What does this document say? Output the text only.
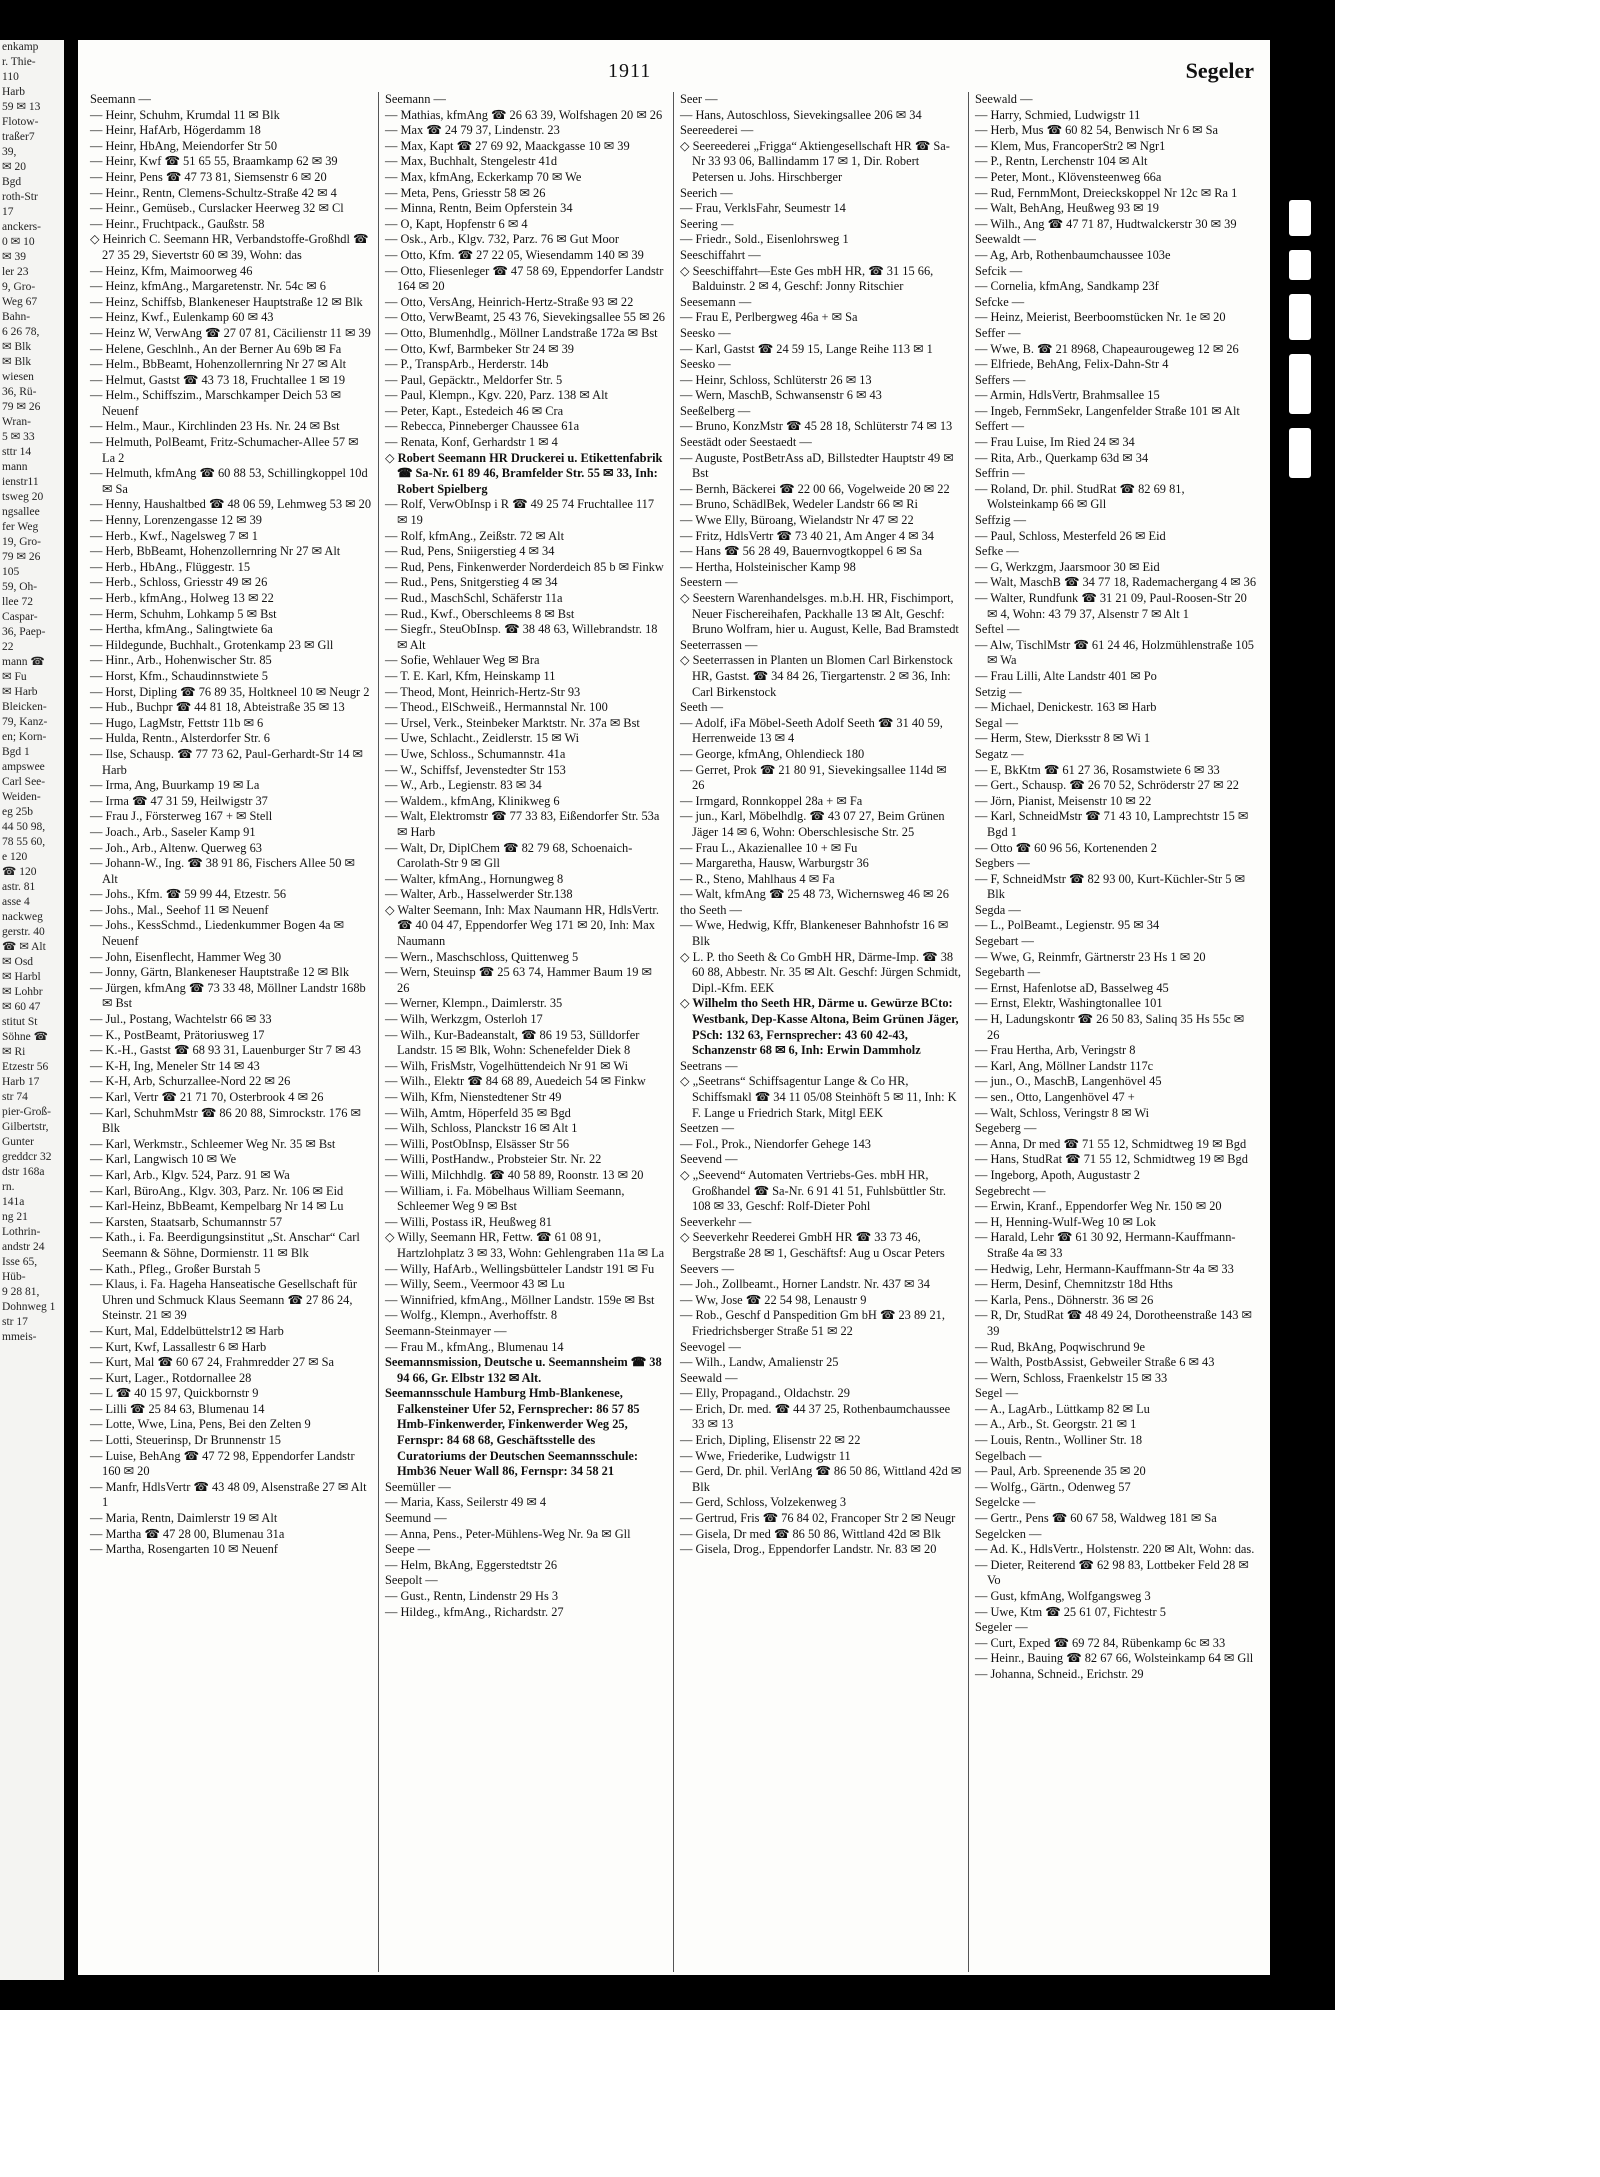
enkamp
r. Thie-
110
Harb
59 ✉ 13
Flotow-
traßer7
39,
✉ 20
Bgd
roth-Str
17
anckers-
0 ✉ 10
✉ 39
ler 23
9, Gro-
Weg 67
Bahn-
6 26 78,
✉ Blk
✉ Blk
wiesen
36, Rü-
79 ✉ 26
Wran-
5 ✉ 33
sttr 14
mann
ienstr11
tsweg 20
ngsallee
fer Weg
19, Gro-
79 ✉ 26
105
59, Oh-
llee 72
Caspar-
36, Paep-
22
mann ☎
✉ Fu
✉ Harb
Bleicken-
79, Kanz-
en; Korn-
Bgd 1
ampswee
Carl See-
Weiden-
eg 25b
44 50 98,
78 55 60,
e 120
☎ 120
astr. 81
asse 4
nackweg
gerstr. 40
☎ ✉ Alt
✉ Osd
✉ Harbl
✉ Lohbr
✉ 60 47
stitut St
Söhne ☎
✉ Ri
Etzestr 56
Harb 17
str 74
pier-Groß-
Gilbertstr,
Gunter
greddcr 32
dstr 168a
rn.
141a
ng 21
Lothrin-
andstr 24
Isse 65,
Hüb-
9 28 81,
Dohnweg 1
str 17
mmeis-
1911	Segeler
Seemann —
— Heinr, Schuhm, Krumdal 11 ✉ Blk
— Heinr, HafArb, Högerdamm 18
— Heinr, HbAng, Meiendorfer Str 50
— Heinr, Kwf ☎ 51 65 55, Braamkamp 62 ✉ 39
— Heinr, Pens ☎ 47 73 81, Siemsenstr 6 ✉ 20
— Heinr., Rentn, Clemens-Schultz-Straße 42 ✉ 4
— Heinr., Gemüseb., Curslacker Heerweg 32 ✉ Cl
— Heinr., Fruchtpack., Gaußstr. 58
◇ Heinrich C. Seemann HR, Verbandstoffe-Großhdl ☎ 27 35 29, Sievertstr 60 ✉ 39, Wohn: das
— Heinz, Kfm, Maimoorweg 46
— Heinz, kfmAng., Margaretenstr. Nr. 54c ✉ 6
— Heinz, Schiffsb, Blankeneser Hauptstraße 12 ✉ Blk
— Heinz, Kwf., Eulenkamp 60 ✉ 43
— Heinz W, VerwAng ☎ 27 07 81, Cäcilienstr 11 ✉ 39
— Helene, Geschlnh., An der Berner Au 69b ✉ Fa
— Helm., BbBeamt, Hohenzollernring Nr 27 ✉ Alt
— Helmut, Gastst ☎ 43 73 18, Fruchtallee 1 ✉ 19
— Helm., Schiffszim., Marschkamper Deich 53 ✉ Neuenf
— Helm., Maur., Kirchlinden 23 Hs. Nr. 24 ✉ Bst
— Helmuth, PolBeamt, Fritz-Schumacher-Allee 57 ✉ La 2
— Helmuth, kfmAng ☎ 60 88 53, Schillingkoppel 10d ✉ Sa
— Henny, Haushaltbed ☎ 48 06 59, Lehmweg 53 ✉ 20
— Henny, Lorenzengasse 12 ✉ 39
— Herb., Kwf., Nagelsweg 7 ✉ 1
— Herb, BbBeamt, Hohenzollernring Nr 27 ✉ Alt
— Herb., HbAng., Flüggestr. 15
— Herb., Schloss, Griesstr 49 ✉ 26
— Herb., kfmAng., Holweg 13 ✉ 22
— Herm, Schuhm, Lohkamp 5 ✉ Bst
— Hertha, kfmAng., Salingtwiete 6a
— Hildegunde, Buchhalt., Grotenkamp 23 ✉ Gll
— Hinr., Arb., Hohenwischer Str. 85
— Horst, Kfm., Schaudinnstwiete 5
— Horst, Dipling ☎ 76 89 35, Holtkneel 10 ✉ Neugr 2
— Hub., Buchpr ☎ 44 81 18, Abteistraße 35 ✉ 13
— Hugo, LagMstr, Fettstr 11b ✉ 6
— Hulda, Rentn., Alsterdorfer Str. 6
— Ilse, Schausp. ☎ 77 73 62, Paul-Gerhardt-Str 14 ✉ Harb
— Irma, Ang, Buurkamp 19 ✉ La
— Irma ☎ 47 31 59, Heilwigstr 37
— Frau J., Försterweg 167 + ✉ Stell
— Joach., Arb., Saseler Kamp 91
— Joh., Arb., Altenw. Querweg 63
— Johann-W., Ing. ☎ 38 91 86, Fischers Allee 50 ✉ Alt
— Johs., Kfm. ☎ 59 99 44, Etzestr. 56
— Johs., Mal., Seehof 11 ✉ Neuenf
— Johs., KessSchmd., Liedenkummer Bogen 4a ✉ Neuenf
— John, Eisenflecht, Hammer Weg 30
— Jonny, Gärtn, Blankeneser Hauptstraße 12 ✉ Blk
— Jürgen, kfmAng ☎ 73 33 48, Möllner Landstr 168b ✉ Bst
— Jul., Postang, Wachtelstr 66 ✉ 33
— K., PostBeamt, Prätoriusweg 17
— K.-H., Gastst ☎ 68 93 31, Lauenburger Str 7 ✉ 43
— K-H, Ing, Meneler Str 14 ✉ 43
— K-H, Arb, Schurzallee-Nord 22 ✉ 26
— Karl, Vertr ☎ 21 71 70, Osterbrook 4 ✉ 26
— Karl, SchuhmMstr ☎ 86 20 88, Simrockstr. 176 ✉ Blk
— Karl, Werkmstr., Schleemer Weg Nr. 35 ✉ Bst
— Karl, Langwisch 10 ✉ We
— Karl, Arb., Klgv. 524, Parz. 91 ✉ Wa
— Karl, BüroAng., Klgv. 303, Parz. Nr. 106 ✉ Eid
— Karl-Heinz, BbBeamt, Kempelbarg Nr 14 ✉ Lu
— Karsten, Staatsarb, Schumannstr 57
— Kath., i. Fa. Beerdigungsinstitut „St. Anschar“ Carl Seemann & Söhne, Dormienstr. 11 ✉ Blk
— Kath., Pfleg., Großer Burstah 5
— Klaus, i. Fa. Hageha Hanseatische Gesellschaft für Uhren und Schmuck Klaus Seemann ☎ 27 86 24, Steinstr. 21 ✉ 39
— Kurt, Mal, Eddelbüttelstr12 ✉ Harb
— Kurt, Kwf, Lassallestr 6 ✉ Harb
— Kurt, Mal ☎ 60 67 24, Frahmredder 27 ✉ Sa
— Kurt, Lager., Rotdornallee 28
— L ☎ 40 15 97, Quickbornstr 9
— Lilli ☎ 25 84 63, Blumenau 14
— Lotte, Wwe, Lina, Pens, Bei den Zelten 9
— Lotti, Steuerinsp, Dr Brunnenstr 15
— Luise, BehAng ☎ 47 72 98, Eppendorfer Landstr 160 ✉ 20
— Manfr, HdlsVertr ☎ 43 48 09, Alsenstraße 27 ✉ Alt 1
— Maria, Rentn, Daimlerstr 19 ✉ Alt
— Martha ☎ 47 28 00, Blumenau 31a
— Martha, Rosengarten 10 ✉ Neuenf
Seemann —
— Mathias, kfmAng ☎ 26 63 39, Wolfshagen 20 ✉ 26
— Max ☎ 24 79 37, Lindenstr. 23
— Max, Kapt ☎ 27 69 92, Maackgasse 10 ✉ 39
— Max, Buchhalt, Stengelestr 41d
— Max, kfmAng, Eckerkamp 70 ✉ We
— Meta, Pens, Griesstr 58 ✉ 26
— Minna, Rentn, Beim Opferstein 34
— O, Kapt, Hopfenstr 6 ✉ 4
— Osk., Arb., Klgv. 732, Parz. 76 ✉ Gut Moor
— Otto, Kfm. ☎ 27 22 05, Wiesendamm 140 ✉ 39
— Otto, Fliesenleger ☎ 47 58 69, Eppendorfer Landstr 164 ✉ 20
— Otto, VersAng, Heinrich-Hertz-Straße 93 ✉ 22
— Otto, VerwBeamt, 25 43 76, Sievekingsallee 55 ✉ 26
— Otto, Blumenhdlg., Möllner Landstraße 172a ✉ Bst
— Otto, Kwf, Barmbeker Str 24 ✉ 39
— P., TranspArb., Herderstr. 14b
— Paul, Gepäcktr., Meldorfer Str. 5
— Paul, Klempn., Kgv. 220, Parz. 138 ✉ Alt
— Peter, Kapt., Estedeich 46 ✉ Cra
— Rebecca, Pinneberger Chaussee 61a
— Renata, Konf, Gerhardstr 1 ✉ 4
◇ Robert Seemann HR Druckerei u. Etikettenfabrik ☎ Sa-Nr. 61 89 46, Bramfelder Str. 55 ✉ 33, Inh: Robert Spielberg
— Rolf, VerwObInsp i R ☎ 49 25 74 Fruchtallee 117 ✉ 19
— Rolf, kfmAng., Zeißstr. 72 ✉ Alt
— Rud, Pens, Sniigerstieg 4 ✉ 34
— Rud, Pens, Finkenwerder Norderdeich 85 b ✉ Finkw
— Rud., Pens, Snitgerstieg 4 ✉ 34
— Rud., MaschSchl, Schäferstr 11a
— Rud., Kwf., Oberschleems 8 ✉ Bst
— Siegfr., SteuObInsp. ☎ 38 48 63, Willebrandstr. 18 ✉ Alt
— Sofie, Wehlauer Weg ✉ Bra
— T. E. Karl, Kfm, Heinskamp 11
— Theod, Mont, Heinrich-Hertz-Str 93
— Theod., ElSchweiß., Hermannstal Nr. 100
— Ursel, Verk., Steinbeker Marktstr. Nr. 37a ✉ Bst
— Uwe, Schlacht., Zeidlerstr. 15 ✉ Wi
— Uwe, Schloss., Schumannstr. 41a
— W., Schiffsf, Jevenstedter Str 153
— W., Arb., Legienstr. 83 ✉ 34
— Waldem., kfmAng, Klinikweg 6
— Walt, Elektromstr ☎ 77 33 83, Eißendorfer Str. 53a ✉ Harb
— Walt, Dr, DiplChem ☎ 82 79 68, Schoenaich-Carolath-Str 9 ✉ Gll
— Walter, kfmAng., Hornungweg 8
— Walter, Arb., Hasselwerder Str.138
◇ Walter Seemann, Inh: Max Naumann HR, HdlsVertr. ☎ 40 04 47, Eppendorfer Weg 171 ✉ 20, Inh: Max Naumann
— Wern., Maschschloss, Quittenweg 5
— Wern, Steuinsp ☎ 25 63 74, Hammer Baum 19 ✉ 26
— Werner, Klempn., Daimlerstr. 35
— Wilh, Werkzgm, Osterloh 17
— Wilh., Kur-Badeanstalt, ☎ 86 19 53, Sülldorfer Landstr. 15 ✉ Blk, Wohn: Schenefelder Diek 8
— Wilh, FrisMstr, Vogelhüttendeich Nr 91 ✉ Wi
— Wilh., Elektr ☎ 84 68 89, Auedeich 54 ✉ Finkw
— Wilh, Kfm, Nienstedtener Str 49
— Wilh, Amtm, Höperfeld 35 ✉ Bgd
— Wilh, Schloss, Planckstr 16 ✉ Alt 1
— Willi, PostObInsp, Elsässer Str 56
— Willi, PostHandw., Probsteier Str. Nr. 22
— Willi, Milchhdlg. ☎ 40 58 89, Roonstr. 13 ✉ 20
— William, i. Fa. Möbelhaus William Seemann, Schleemer Weg 9 ✉ Bst
— Willi, Postass iR, Heußweg 81
◇ Willy, Seemann HR, Fettw. ☎ 61 08 91, Hartzlohplatz 3 ✉ 33, Wohn: Gehlengraben 11a ✉ La
— Willy, HafArb., Wellingsbütteler Landstr 191 ✉ Fu
— Willy, Seem., Veermoor 43 ✉ Lu
— Winnifried, kfmAng., Möllner Landstr. 159e ✉ Bst
— Wolfg., Klempn., Averhoffstr. 8
Seemann-Steinmayer —
— Frau M., kfmAng., Blumenau 14
Seemannsmission, Deutsche u. Seemannsheim ☎ 38 94 66, Gr. Elbstr 132 ✉ Alt.
Seemannsschule Hamburg Hmb-Blankenese, Falkensteiner Ufer 52, Fernsprecher: 86 57 85 Hmb-Finkenwerder, Finkenwerder Weg 25, Fernspr: 84 68 68, Geschäftsstelle des Curatoriums der Deutschen Seemannsschule: Hmb36 Neuer Wall 86, Fernspr: 34 58 21
Seemüller —
— Maria, Kass, Seilerstr 49 ✉ 4
Seemund —
— Anna, Pens., Peter-Mühlens-Weg Nr. 9a ✉ Gll
Seepe —
— Helm, BkAng, Eggerstedtstr 26
Seepolt —
— Gust., Rentn, Lindenstr 29 Hs 3
— Hildeg., kfmAng., Richardstr. 27
Seer —
— Hans, Autoschloss, Sievekingsallee 206 ✉ 34
Seereederei —
◇ Seereederei „Frigga“ Aktiengesellschaft HR ☎ Sa-Nr 33 93 06, Ballindamm 17 ✉ 1, Dir. Robert Petersen u. Johs. Hirschberger
Seerich —
— Frau, VerklsFahr, Seumestr 14
Seering —
— Friedr., Sold., Eisenlohrsweg 1
Seeschiffahrt —
◇ Seeschiffahrt—Este Ges mbH HR, ☎ 31 15 66, Balduinstr. 2 ✉ 4, Geschf: Jonny Ritschier
Seesemann —
— Frau E, Perlbergweg 46a + ✉ Sa
Seesko —
— Karl, Gastst ☎ 24 59 15, Lange Reihe 113 ✉ 1
Seesko —
— Heinr, Schloss, Schlüterstr 26 ✉ 13
— Wern, MaschB, Schwansenstr 6 ✉ 43
Seeßelberg —
— Bruno, KonzMstr ☎ 45 28 18, Schlüterstr 74 ✉ 13
Seestädt oder Seestaedt —
— Auguste, PostBetrAss aD, Billstedter Hauptstr 49 ✉ Bst
— Bernh, Bäckerei ☎ 22 00 66, Vogelweide 20 ✉ 22
— Bruno, SchädlBek, Wedeler Landstr 66 ✉ Ri
— Wwe Elly, Büroang, Wielandstr Nr 47 ✉ 22
— Fritz, HdlsVertr ☎ 73 40 21, Am Anger 4 ✉ 34
— Hans ☎ 56 28 49, Bauernvogtkoppel 6 ✉ Sa
— Hertha, Holsteinischer Kamp 98
Seestern —
◇ Seestern Warenhandelsges. m.b.H. HR, Fischimport, Neuer Fischereihafen, Packhalle 13 ✉ Alt, Geschf: Bruno Wolfram, hier u. August, Kelle, Bad Bramstedt
Seeterrassen —
◇ Seeterrassen in Planten un Blomen Carl Birkenstock HR, Gastst. ☎ 34 84 26, Tiergartenstr. 2 ✉ 36, Inh: Carl Birkenstock
Seeth —
— Adolf, iFa Möbel-Seeth Adolf Seeth ☎ 31 40 59, Herrenweide 13 ✉ 4
— George, kfmAng, Ohlendieck 180
— Gerret, Prok ☎ 21 80 91, Sievekingsallee 114d ✉ 26
— Irmgard, Ronnkoppel 28a + ✉ Fa
— jun., Karl, Möbelhdlg. ☎ 43 07 27, Beim Grünen Jäger 14 ✉ 6, Wohn: Oberschlesische Str. 25
— Frau L., Akazienallee 10 + ✉ Fu
— Margaretha, Hausw, Warburgstr 36
— R., Steno, Mahlhaus 4 ✉ Fa
— Walt, kfmAng ☎ 25 48 73, Wichernsweg 46 ✉ 26
tho Seeth —
— Wwe, Hedwig, Kffr, Blankeneser Bahnhofstr 16 ✉ Blk
◇ L. P. tho Seeth & Co GmbH HR, Därme-Imp. ☎ 38 60 88, Abbestr. Nr. 35 ✉ Alt. Geschf: Jürgen Schmidt, Dipl.-Kfm. EEK
◇ Wilhelm tho Seeth HR, Därme u. Gewürze BCto: Westbank, Dep-Kasse Altona, Beim Grünen Jäger, PSch: 132 63, Fernsprecher: 43 60 42-43, Schanzenstr 68 ✉ 6, Inh: Erwin Dammholz
Seetrans —
◇ „Seetrans“ Schiffsagentur Lange & Co HR, Schiffsmakl ☎ 34 11 05/08 Steinhöft 5 ✉ 11, Inh: K F. Lange u Friedrich Stark, Mitgl EEK
Seetzen —
— Fol., Prok., Niendorfer Gehege 143
Seevend —
◇ „Seevend“ Automaten Vertriebs-Ges. mbH HR, Großhandel ☎ Sa-Nr. 6 91 41 51, Fuhlsbüttler Str. 108 ✉ 33, Geschf: Rolf-Dieter Pohl
Seeverkehr —
◇ Seeverkehr Reederei GmbH HR ☎ 33 73 46, Bergstraße 28 ✉ 1, Geschäftsf: Aug u Oscar Peters
Seevers —
— Joh., Zollbeamt., Horner Landstr. Nr. 437 ✉ 34
— Ww, Jose ☎ 22 54 98, Lenaustr 9
— Rob., Geschf d Panspedition Gm bH ☎ 23 89 21, Friedrichsberger Straße 51 ✉ 22
Seevogel —
— Wilh., Landw, Amalienstr 25
Seewald —
— Elly, Propagand., Oldachstr. 29
— Erich, Dr. med. ☎ 44 37 25, Rothenbaumchaussee 33 ✉ 13
— Erich, Dipling, Elisenstr 22 ✉ 22
— Wwe, Friederike, Ludwigstr 11
— Gerd, Dr. phil. VerlAng ☎ 86 50 86, Wittland 42d ✉ Blk
— Gerd, Schloss, Volzekenweg 3
— Gertrud, Fris ☎ 76 84 02, Francoper Str 2 ✉ Neugr
— Gisela, Dr med ☎ 86 50 86, Wittland 42d ✉ Blk
— Gisela, Drog., Eppendorfer Landstr. Nr. 83 ✉ 20
Seewald —
— Harry, Schmied, Ludwigstr 11
— Herb, Mus ☎ 60 82 54, Benwisch Nr 6 ✉ Sa
— Klem, Mus, FrancoperStr2 ✉ Ngr1
— P., Rentn, Lerchenstr 104 ✉ Alt
— Peter, Mont., Klövensteenweg 66a
— Rud, FernmMont, Dreieckskoppel Nr 12c ✉ Ra 1
— Walt, BehAng, Heußweg 93 ✉ 19
— Wilh., Ang ☎ 47 71 87, Hudtwalckerstr 30 ✉ 39
Seewaldt —
— Ag, Arb, Rothenbaumchaussee 103e
Sefcik —
— Cornelia, kfmAng, Sandkamp 23f
Sefcke —
— Heinz, Meierist, Beerboomstücken Nr. 1e ✉ 20
Seffer —
— Wwe, B. ☎ 21 8968, Chapeaurougeweg 12 ✉ 26
— Elfriede, BehAng, Felix-Dahn-Str 4
Seffers —
— Armin, HdlsVertr, Brahmsallee 15
— Ingeb, FernmSekr, Langenfelder Straße 101 ✉ Alt
Seffert —
— Frau Luise, Im Ried 24 ✉ 34
— Rita, Arb., Querkamp 63d ✉ 34
Seffrin —
— Roland, Dr. phil. StudRat ☎ 82 69 81, Wolsteinkamp 66 ✉ Gll
Seffzig —
— Paul, Schloss, Mesterfeld 26 ✉ Eid
Sefke —
— G, Werkzgm, Jaarsmoor 30 ✉ Eid
— Walt, MaschB ☎ 34 77 18, Rademachergang 4 ✉ 36
— Walter, Rundfunk ☎ 31 21 09, Paul-Roosen-Str 20 ✉ 4, Wohn: 43 79 37, Alsenstr 7 ✉ Alt 1
Seftel —
— Alw, TischlMstr ☎ 61 24 46, Holzmühlenstraße 105 ✉ Wa
— Frau Lilli, Alte Landstr 401 ✉ Po
Setzig —
— Michael, Denickestr. 163 ✉ Harb
Segal —
— Herm, Stew, Dierksstr 8 ✉ Wi 1
Segatz —
— E, BkKtm ☎ 61 27 36, Rosamstwiete 6 ✉ 33
— Gert., Schausp. ☎ 26 70 52, Schröderstr 27 ✉ 22
— Jörn, Pianist, Meisenstr 10 ✉ 22
— Karl, SchneidMstr ☎ 71 43 10, Lamprechtstr 15 ✉ Bgd 1
— Otto ☎ 60 96 56, Kortenenden 2
Segbers —
— F, SchneidMstr ☎ 82 93 00, Kurt-Küchler-Str 5 ✉ Blk
Segda —
— L., PolBeamt., Legienstr. 95 ✉ 34
Segebart —
— Wwe, G, Reinmfr, Gärtnerstr 23 Hs 1 ✉ 20
Segebarth —
— Ernst, Hafenlotse aD, Basselweg 45
— Ernst, Elektr, Washingtonallee 101
— H, Ladungskontr ☎ 26 50 83, Salinq 35 Hs 55c ✉ 26
— Frau Hertha, Arb, Veringstr 8
— Karl, Ang, Möllner Landstr 117c
— jun., O., MaschB, Langenhövel 45
— sen., Otto, Langenhövel 47 +
— Walt, Schloss, Veringstr 8 ✉ Wi
Segeberg —
— Anna, Dr med ☎ 71 55 12, Schmidtweg 19 ✉ Bgd
— Hans, StudRat ☎ 71 55 12, Schmidtweg 19 ✉ Bgd
— Ingeborg, Apoth, Augustastr 2
Segebrecht —
— Erwin, Kranf., Eppendorfer Weg Nr. 150 ✉ 20
— H, Henning-Wulf-Weg 10 ✉ Lok
— Harald, Lehr ☎ 61 30 92, Hermann-Kauffmann-Straße 4a ✉ 33
— Hedwig, Lehr, Hermann-Kauffmann-Str 4a ✉ 33
— Herm, Desinf, Chemnitzstr 18d Hths
— Karla, Pens., Döhnerstr. 36 ✉ 26
— R, Dr, StudRat ☎ 48 49 24, Dorotheenstraße 143 ✉ 39
— Rud, BkAng, Poqwischrund 9e
— Walth, PostbAssist, Gebweiler Straße 6 ✉ 43
— Wern, Schloss, Fraenkelstr 15 ✉ 33
Segel —
— A., LagArb., Lüttkamp 82 ✉ Lu
— A., Arb., St. Georgstr. 21 ✉ 1
— Louis, Rentn., Wolliner Str. 18
Segelbach —
— Paul, Arb. Spreenende 35 ✉ 20
— Wolfg., Gärtn., Odenweg 57
Segelcke —
— Gertr., Pens ☎ 60 67 58, Waldweg 181 ✉ Sa
Segelcken —
— Ad. K., HdlsVertr., Holstenstr. 220 ✉ Alt, Wohn: das.
— Dieter, Reiterend ☎ 62 98 83, Lottbeker Feld 28 ✉ Vo
— Gust, kfmAng, Wolfgangsweg 3
— Uwe, Ktm ☎ 25 61 07, Fichtestr 5
Segeler —
— Curt, Exped ☎ 69 72 84, Rübenkamp 6c ✉ 33
— Heinr., Bauing ☎ 82 67 66, Wolsteinkamp 64 ✉ Gll
— Johanna, Schneid., Erichstr. 29
